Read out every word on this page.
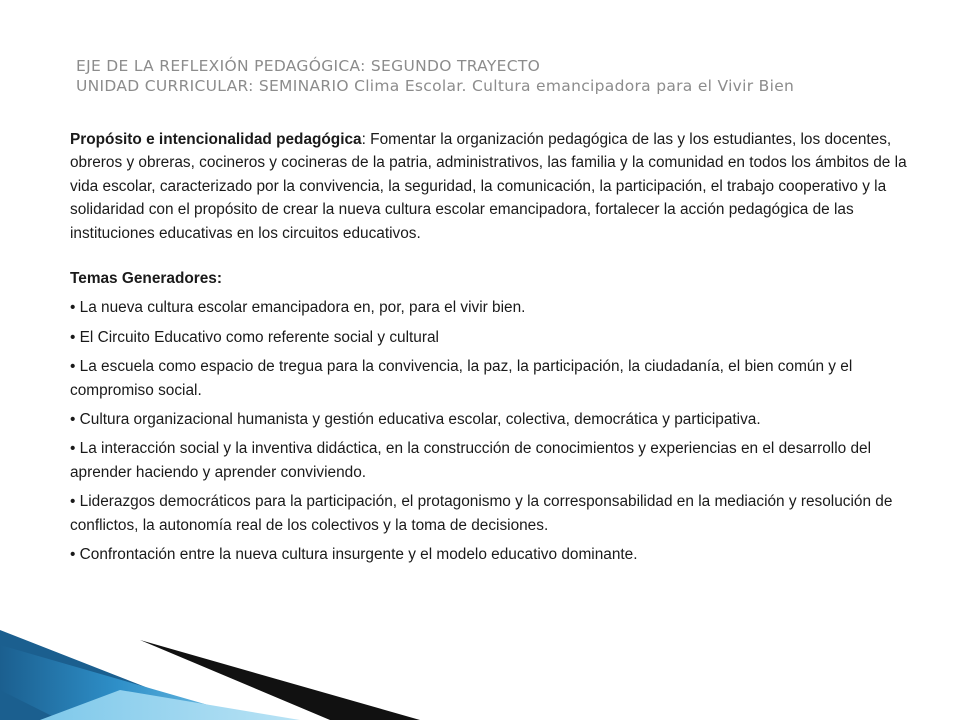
EJE DE LA REFLEXIÓN PEDAGÓGICA: SEGUNDO TRAYECTO
UNIDAD CURRICULAR: SEMINARIO Clima Escolar. Cultura emancipadora para el Vivir Bien

Propósito e intencionalidad pedagógica: Fomentar la organización pedagógica de las y los estudiantes, los docentes, obreros y obreras, cocineros y cocineras de la patria, administrativos, las familia y la comunidad en todos los ámbitos de la vida escolar, caracterizado por la convivencia, la seguridad, la comunicación, la participación, el trabajo cooperativo y la solidaridad con el propósito de crear la nueva cultura escolar emancipadora, fortalecer la acción pedagógica de las instituciones educativas en los circuitos educativos.

Temas Generadores:
• La nueva cultura escolar emancipadora en, por, para el vivir bien.
• El Circuito Educativo como referente social y cultural
• La escuela como espacio de tregua para la convivencia, la paz, la participación, la ciudadanía, el bien común y el compromiso social.
• Cultura organizacional humanista y gestión educativa escolar, colectiva, democrática y participativa.
• La interacción social y la inventiva didáctica, en la construcción de conocimientos y experiencias en el desarrollo del aprender haciendo y aprender conviviendo.
• Liderazgos democráticos para la participación, el protagonismo y la corresponsabilidad en la mediación y resolución de conflictos, la autonomía real de los colectivos y la toma de decisiones.
• Confrontación entre la nueva cultura insurgente y el modelo educativo dominante.
